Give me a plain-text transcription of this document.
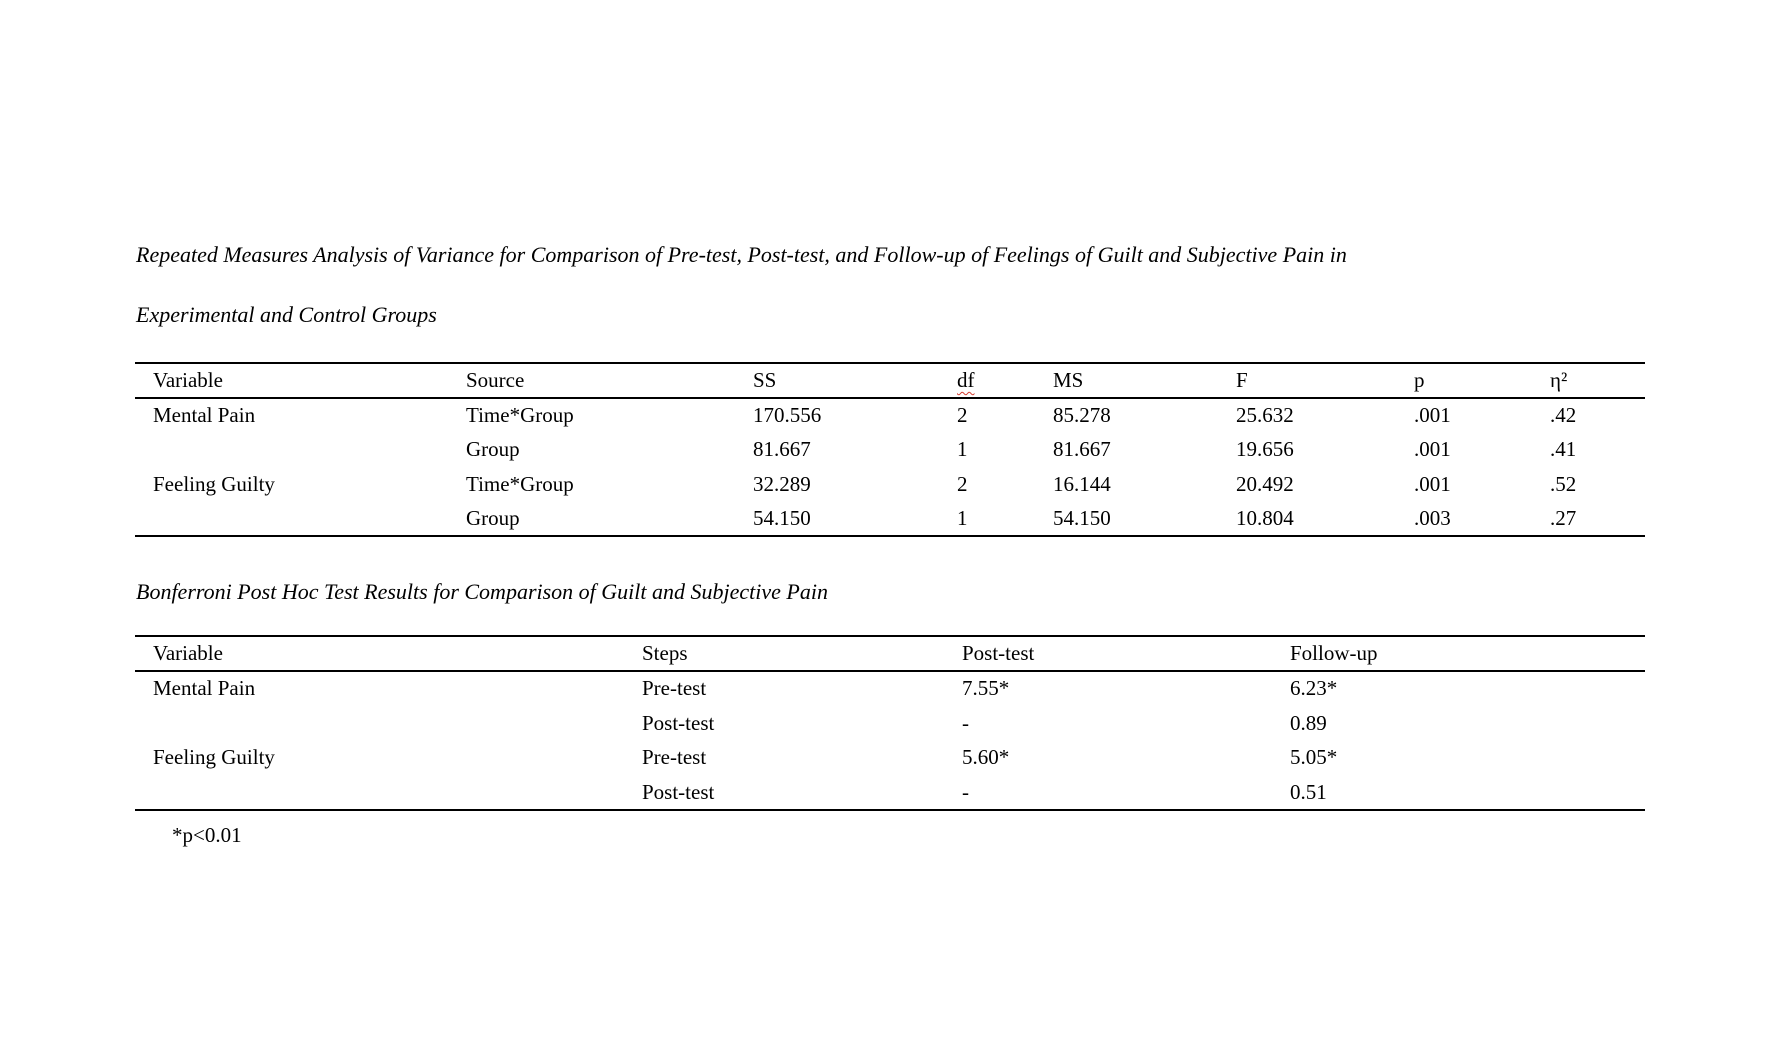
Repeated Measures Analysis of Variance for Comparison of Pre-test, Post-test, and Follow-up of Feelings of Guilt and Subjective Pain in
Experimental and Control Groups
Variable	Source	SS	df	MS	F	p	η²
Mental Pain	Time*Group	170.556	2	85.278	25.632	.001	.42
	Group	81.667	1	81.667	19.656	.001	.41
Feeling Guilty	Time*Group	32.289	2	16.144	20.492	.001	.52
	Group	54.150	1	54.150	10.804	.003	.27
Bonferroni Post Hoc Test Results for Comparison of Guilt and Subjective Pain
Variable	Steps	Post-test	Follow-up
Mental Pain	Pre-test	7.55*	6.23*
	Post-test	-	0.89
Feeling Guilty	Pre-test	5.60*	5.05*
	Post-test	-	0.51
*p<0.01
